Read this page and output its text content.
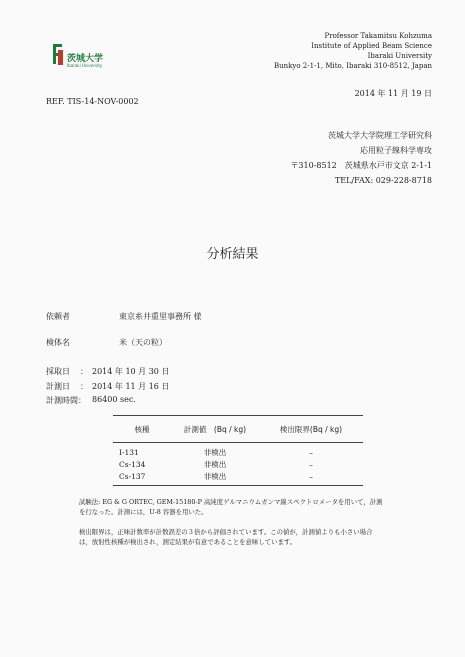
茨城大学
Ibaraki University
Professor Takamitsu Kohzuma
Institute of Applied Beam Science
Ibaraki University
Bunkyo 2-1-1, Mito, Ibaraki 310-8512, Japan
2014 年 11 月 19 日
REF. TIS-14-NOV-0002
茨城大学大学院理工学研究科
応用粒子線科学専攻
〒310-8512　茨城県水戸市文京 2-1-1
TEL/FAX: 029-228-8718
分析結果
依頼者	東京糸井重里事務所 様
検体名	米（天の粒）
採取日 ： 2014 年 10 月 30 日
計測日 ： 2014 年 11 月 16 日
計測時間： 86400 sec.
核種	計測値　(Bq / kg)	検出限界(Bq / kg)
I-131	非検出	–
Cs-134	非検出	–
Cs-137	非検出	–
試験法: EG & G ORTEC, GEM-15180-P 高純度ゲルマニウムガンマ線スペクトロメータを用いて，計測を行なった。計測には，U-8 容器を用いた。
検出限界は，正味計数率が計数誤差の３倍から評価されています。この値が，計測値よりも小さい場合は，放射性核種が検出され，測定結果が有意であることを意味しています。
